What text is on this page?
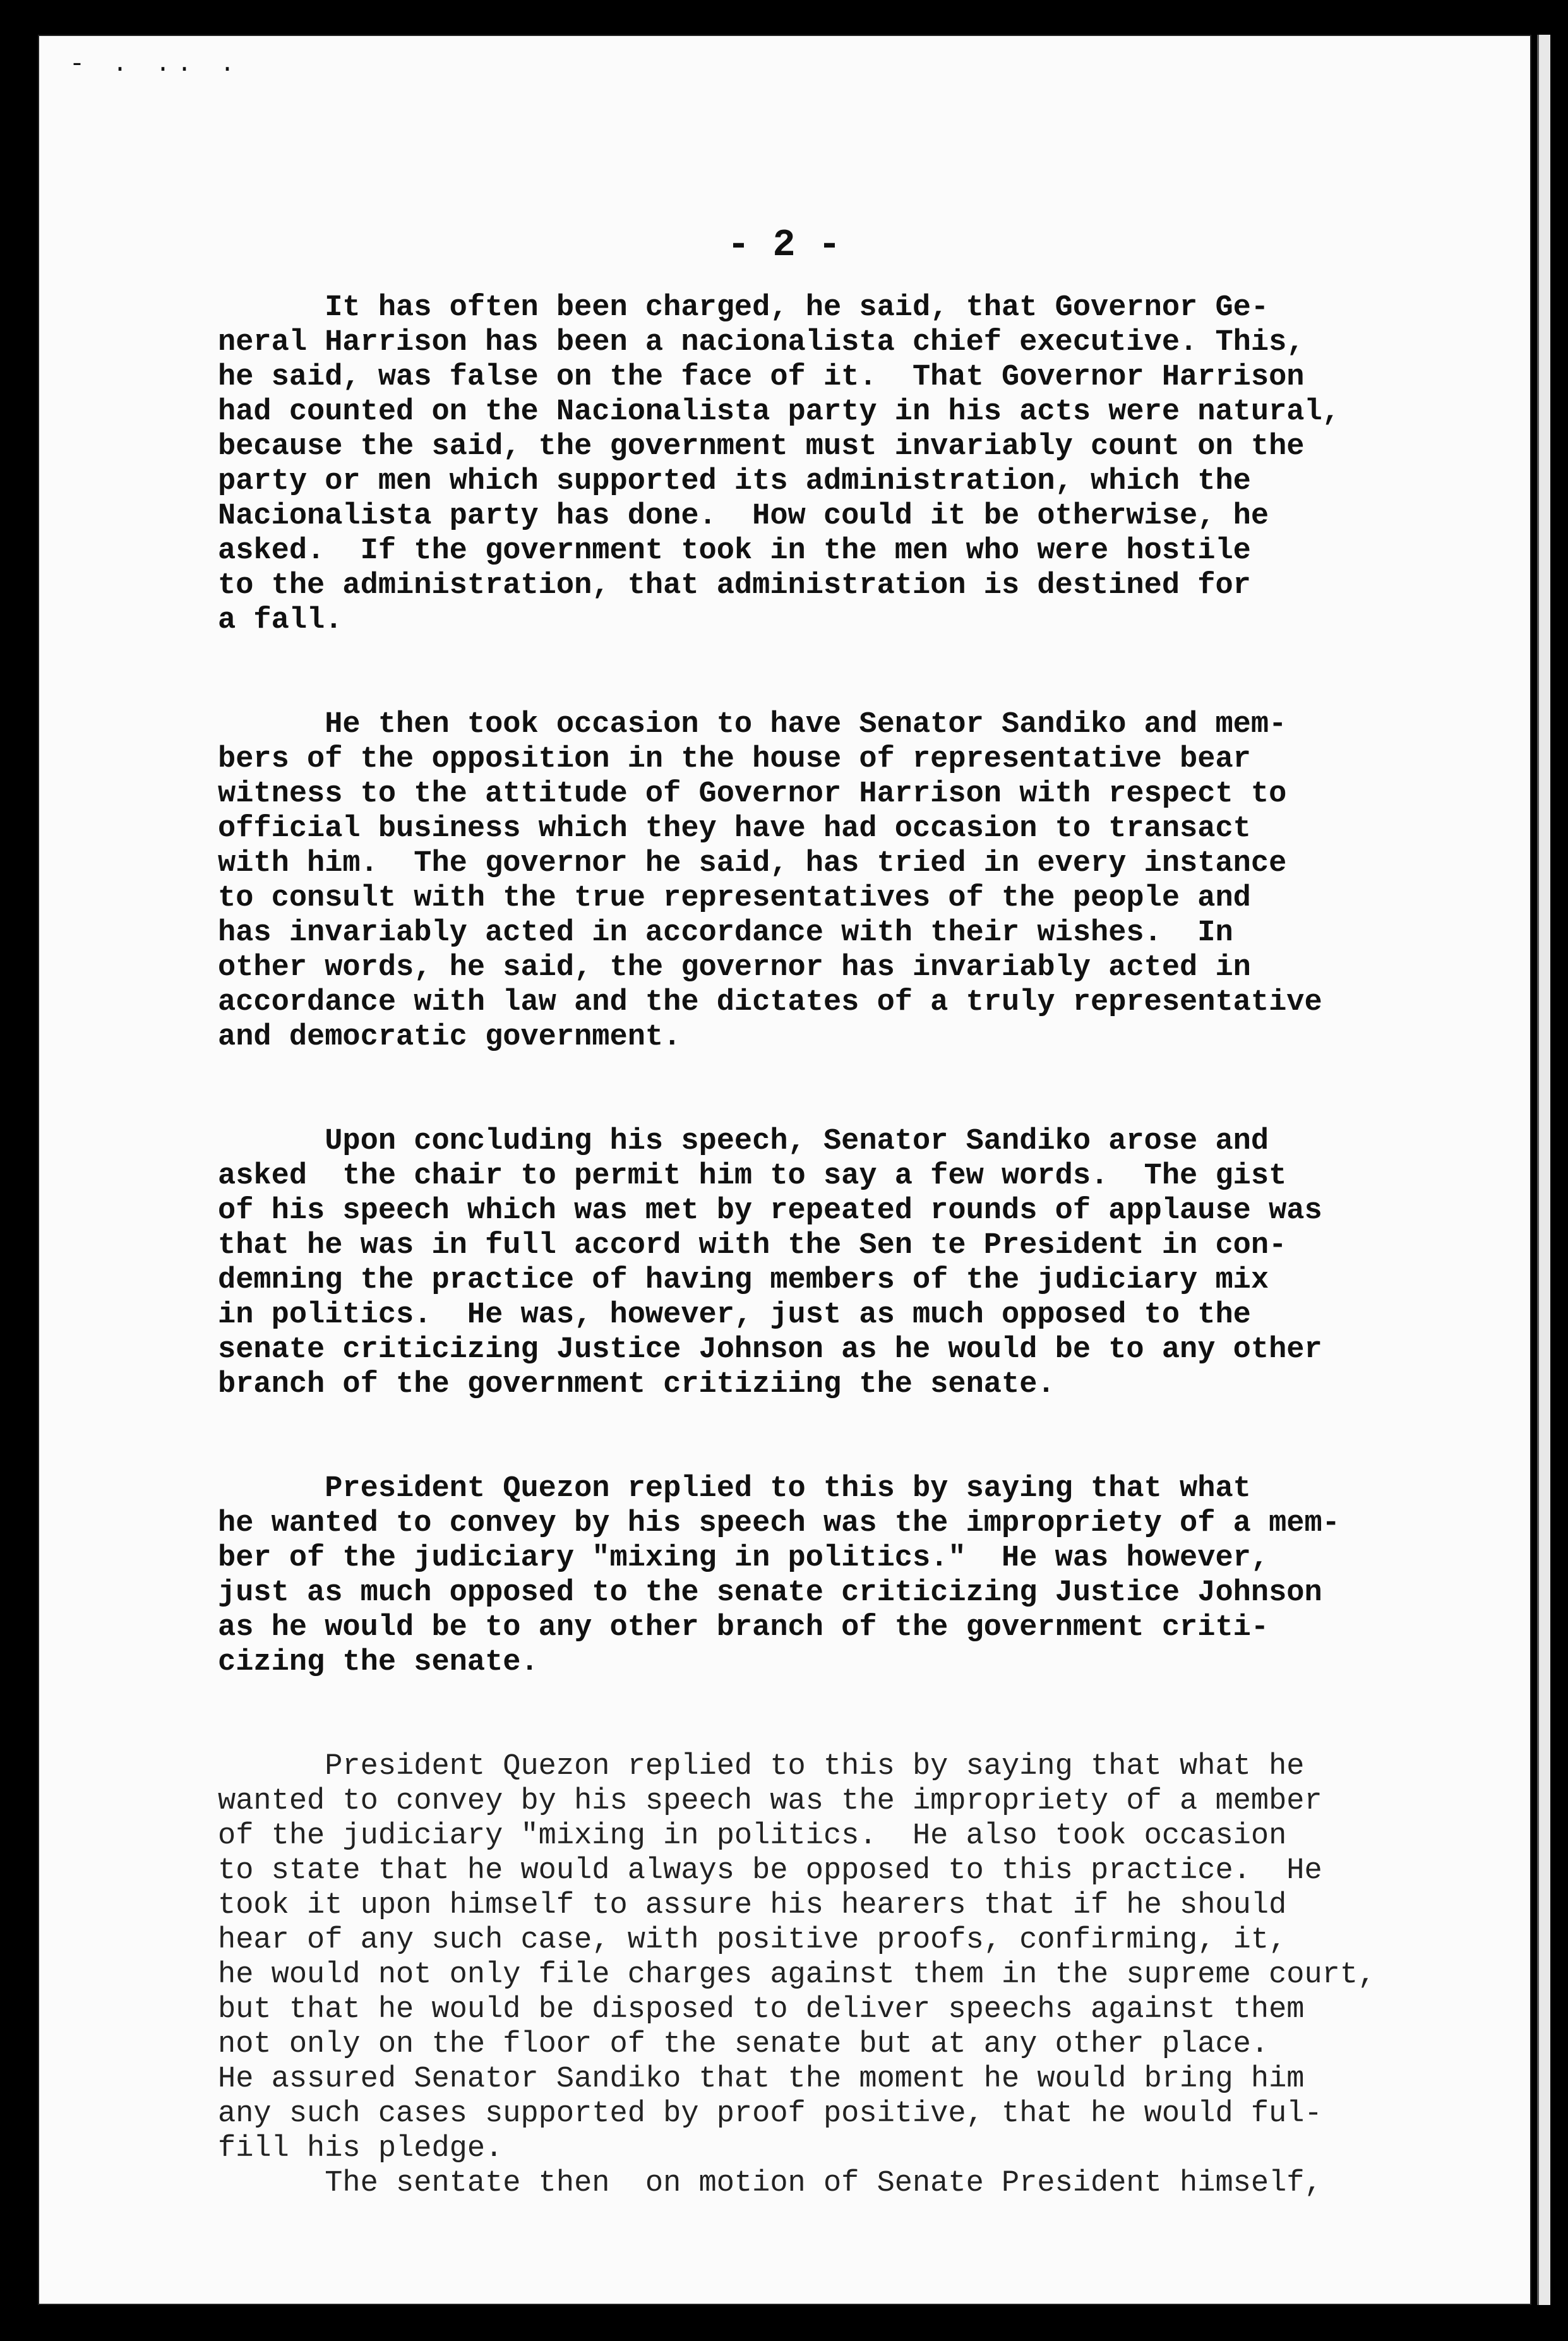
- . .. .
- 2 -
It has often been charged, he said, that Governor Ge-
neral Harrison has been a nacionalista chief executive. This,
he said, was false on the face of it.  That Governor Harrison
had counted on the Nacionalista party in his acts were natural,
because the said, the government must invariably count on the
party or men which supported its administration, which the
Nacionalista party has done.  How could it be otherwise, he
asked.  If the government took in the men who were hostile
to the administration, that administration is destined for
a fall.
He then took occasion to have Senator Sandiko and mem-
bers of the opposition in the house of representative bear
witness to the attitude of Governor Harrison with respect to
official business which they have had occasion to transact
with him.  The governor he said, has tried in every instance
to consult with the true representatives of the people and
has invariably acted in accordance with their wishes.  In
other words, he said, the governor has invariably acted in
accordance with law and the dictates of a truly representative
and democratic government.
Upon concluding his speech, Senator Sandiko arose and
asked  the chair to permit him to say a few words.  The gist
of his speech which was met by repeated rounds of applause was
that he was in full accord with the Sen te President in con-
demning the practice of having members of the judiciary mix
in politics.  He was, however, just as much opposed to the
senate criticizing Justice Johnson as he would be to any other
branch of the government critiziing the senate.
President Quezon replied to this by saying that what
he wanted to convey by his speech was the impropriety of a mem-
ber of the judiciary "mixing in politics."  He was however,
just as much opposed to the senate criticizing Justice Johnson
as he would be to any other branch of the government criti-
cizing the senate.
President Quezon replied to this by saying that what he
wanted to convey by his speech was the impropriety of a member
of the judiciary "mixing in politics.  He also took occasion
to state that he would always be opposed to this practice.  He
took it upon himself to assure his hearers that if he should
hear of any such case, with positive proofs, confirming, it,
he would not only file charges against them in the supreme court,
but that he would be disposed to deliver speechs against them
not only on the floor of the senate but at any other place.
He assured Senator Sandiko that the moment he would bring him
any such cases supported by proof positive, that he would ful-
fill his pledge.
The sentate then  on motion of Senate President himself,
